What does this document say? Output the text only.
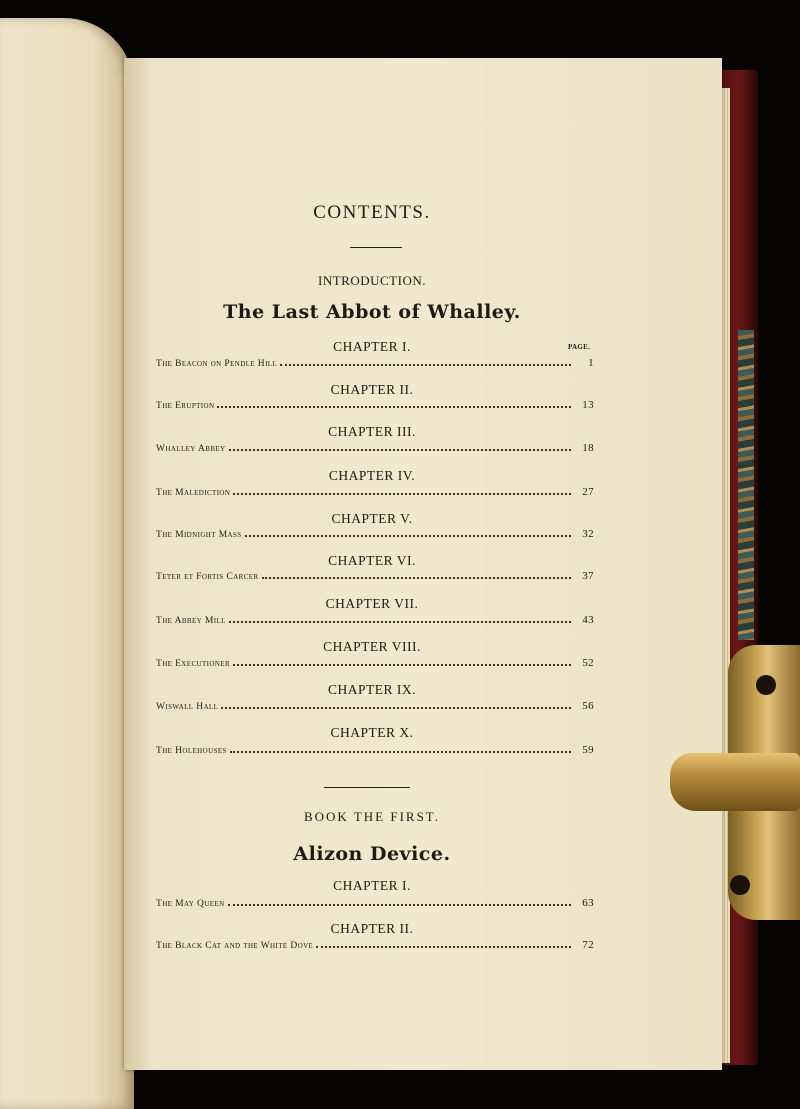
CONTENTS.
INTRODUCTION.
The Last Abbot of Whalley.
PAGE.
CHAPTER I.
The Beacon on Pendle Hill	1
CHAPTER II.
The Eruption	13
CHAPTER III.
Whalley Abbey	18
CHAPTER IV.
The Malediction	27
CHAPTER V.
The Midnight Mass	32
CHAPTER VI.
Teter et Fortis Carcer	37
CHAPTER VII.
The Abbey Mill	43
CHAPTER VIII.
The Executioner	52
CHAPTER IX.
Wiswall Hall	56
CHAPTER X.
The Holehouses	59
BOOK THE FIRST.
Alizon Device.
CHAPTER I.
The May Queen	63
CHAPTER II.
The Black Cat and the White Dove	72
